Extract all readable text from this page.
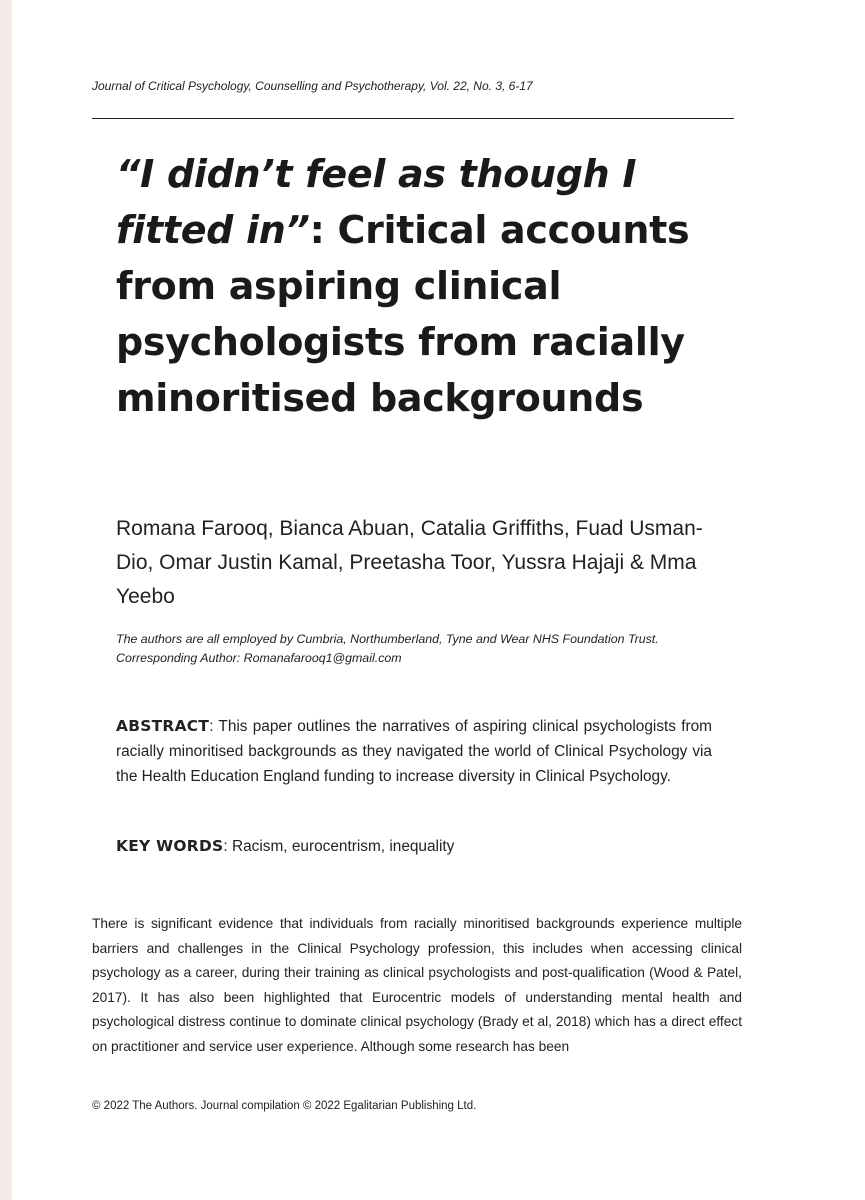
Journal of Critical Psychology, Counselling and Psychotherapy, Vol. 22, No. 3, 6-17
“I didn’t feel as though I fitted in”: Critical accounts from aspiring clinical psychologists from racially minoritised backgrounds
Romana Farooq, Bianca Abuan, Catalia Griffiths, Fuad Usman-Dio, Omar Justin Kamal, Preetasha Toor, Yussra Hajaji & Mma Yeebo
The authors are all employed by Cumbria, Northumberland, Tyne and Wear NHS Foundation Trust. Corresponding Author: Romanafarooq1@gmail.com
ABSTRACT: This paper outlines the narratives of aspiring clinical psychologists from racially minoritised backgrounds as they navigated the world of Clinical Psychology via the Health Education England funding to increase diversity in Clinical Psychology.
KEY WORDS: Racism, eurocentrism, inequality
There is significant evidence that individuals from racially minoritised backgrounds experience multiple barriers and challenges in the Clinical Psychology profession, this includes when accessing clinical psychology as a career, during their training as clinical psychologists and post-qualification (Wood & Patel, 2017). It has also been highlighted that Eurocentric models of understanding mental health and psychological distress continue to dominate clinical psychology (Brady et al, 2018) which has a direct effect on practitioner and service user experience. Although some research has been
© 2022 The Authors. Journal compilation © 2022 Egalitarian Publishing Ltd.
